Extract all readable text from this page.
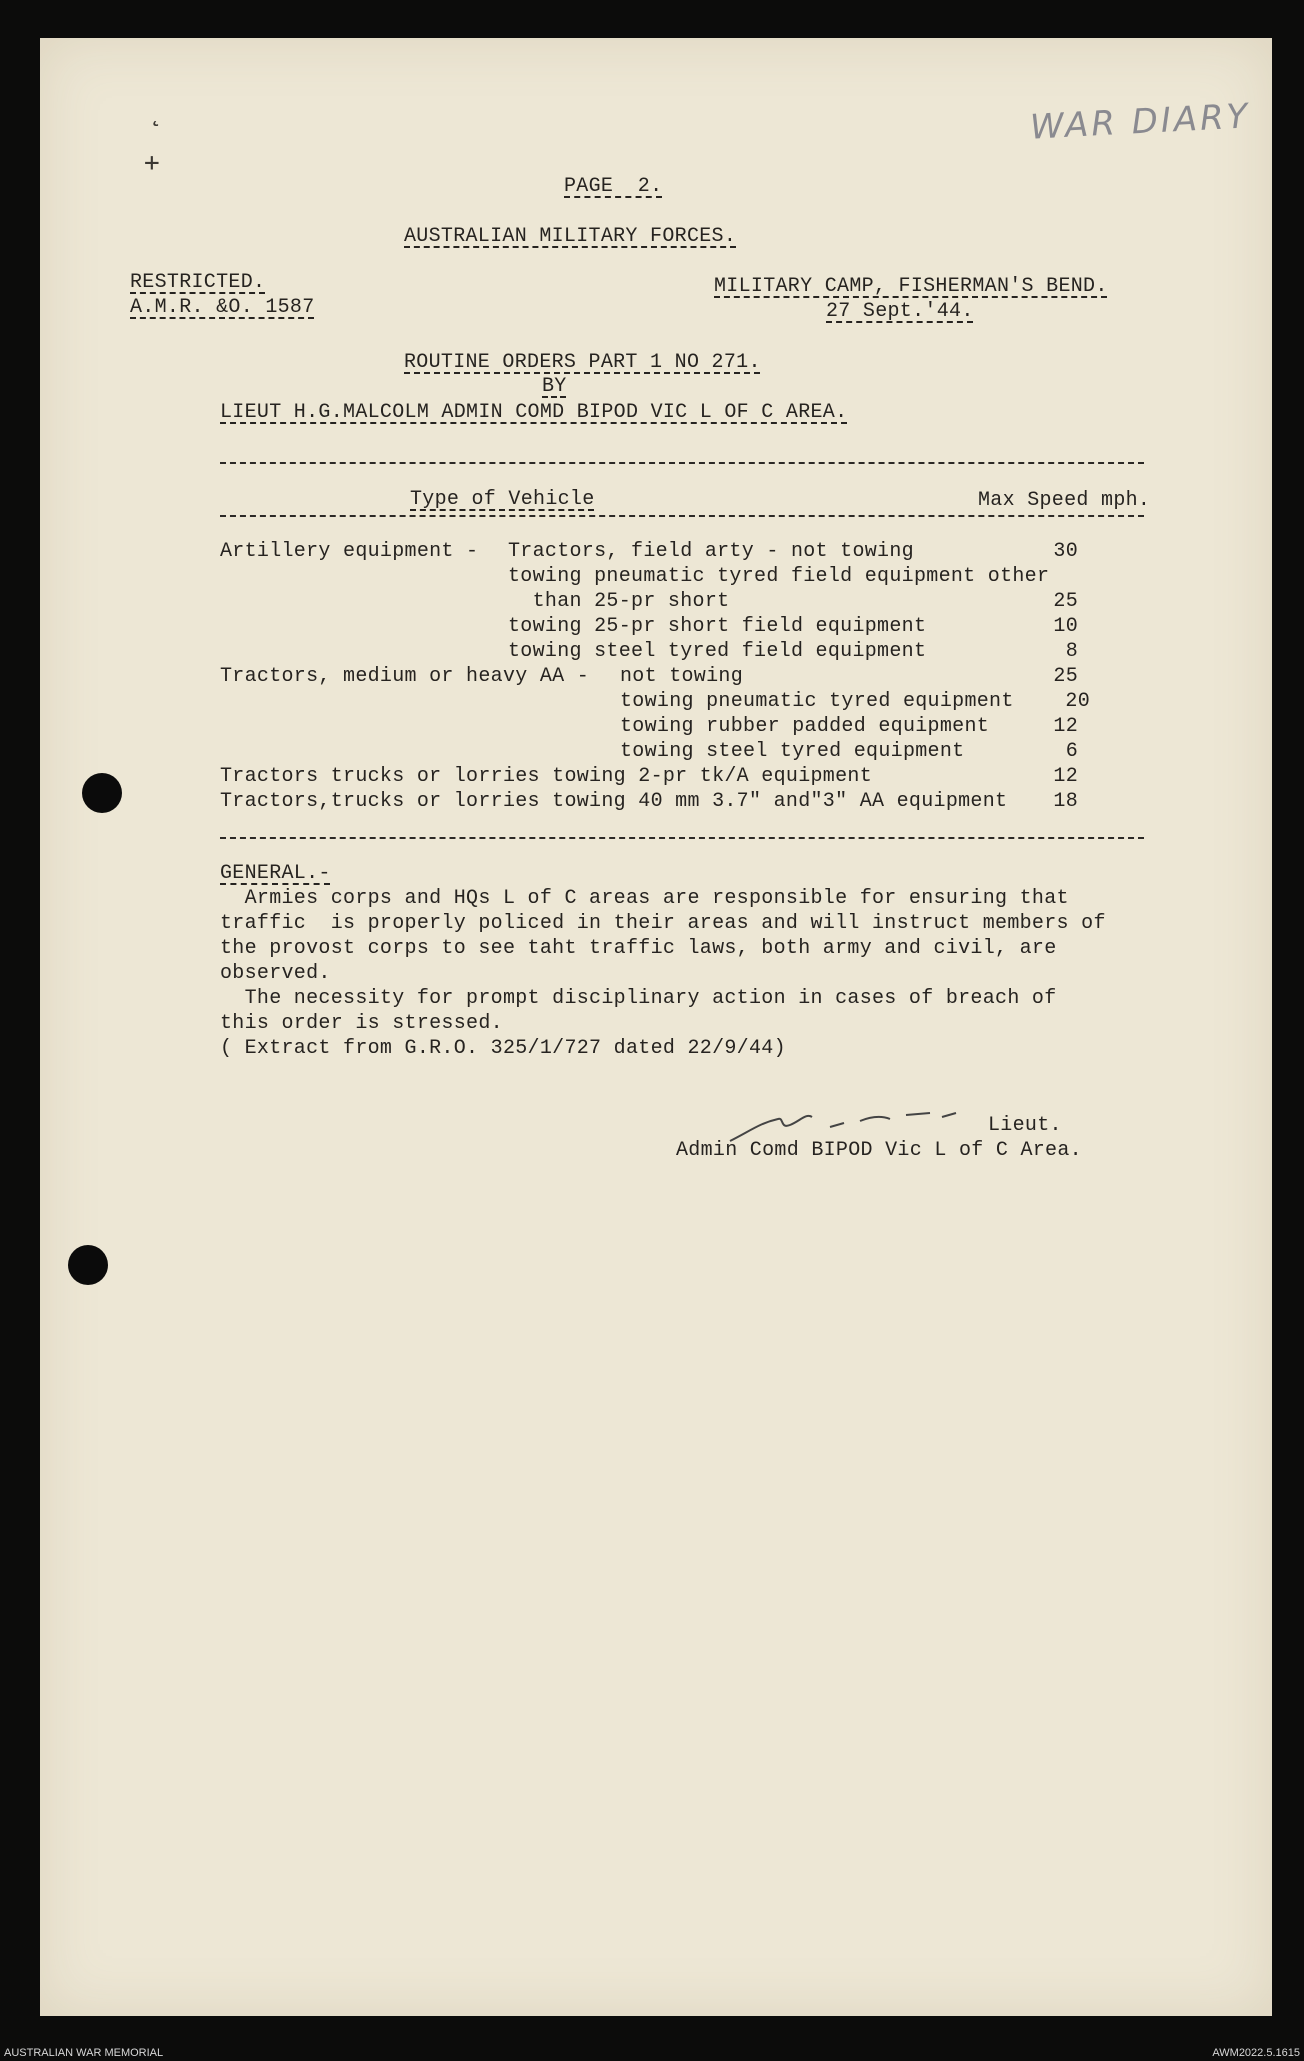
WAR DIARY
˛
+
PAGE  2.
AUSTRALIAN MILITARY FORCES.
RESTRICTED.
A.M.R. &O. 1587
MILITARY CAMP, FISHERMAN'S BEND.
27 Sept.'44.
ROUTINE ORDERS PART 1 NO 271.
BY
LIEUT H.G.MALCOLM ADMIN COMD BIPOD VIC L OF C AREA.
Type of Vehicle	Max Speed mph.
Artillery equipment - Tractors, field arty - not towing	30
towing pneumatic tyred field equipment other
than 25-pr short	25
towing 25-pr short field equipment	10
towing steel tyred field equipment	8
Tractors, medium or heavy AA - not towing	25
towing pneumatic tyred equipment	20
towing rubber padded equipment	12
towing steel tyred equipment	6
Tractors trucks or lorries towing 2-pr tk/A equipment	12
Tractors,trucks or lorries towing 40 mm 3.7" and"3" AA equipment	18
GENERAL.-
Armies corps and HQs L of C areas are responsible for ensuring that
traffic  is properly policed in their areas and will instruct members of
the provost corps to see taht traffic laws, both army and civil, are
observed.
The necessity for prompt disciplinary action in cases of breach of
this order is stressed.
( Extract from G.R.O. 325/1/727 dated 22/9/44)
Lieut.
Admin Comd BIPOD Vic L of C Area.
AUSTRALIAN WAR MEMORIAL	AWM2022.5.1615
